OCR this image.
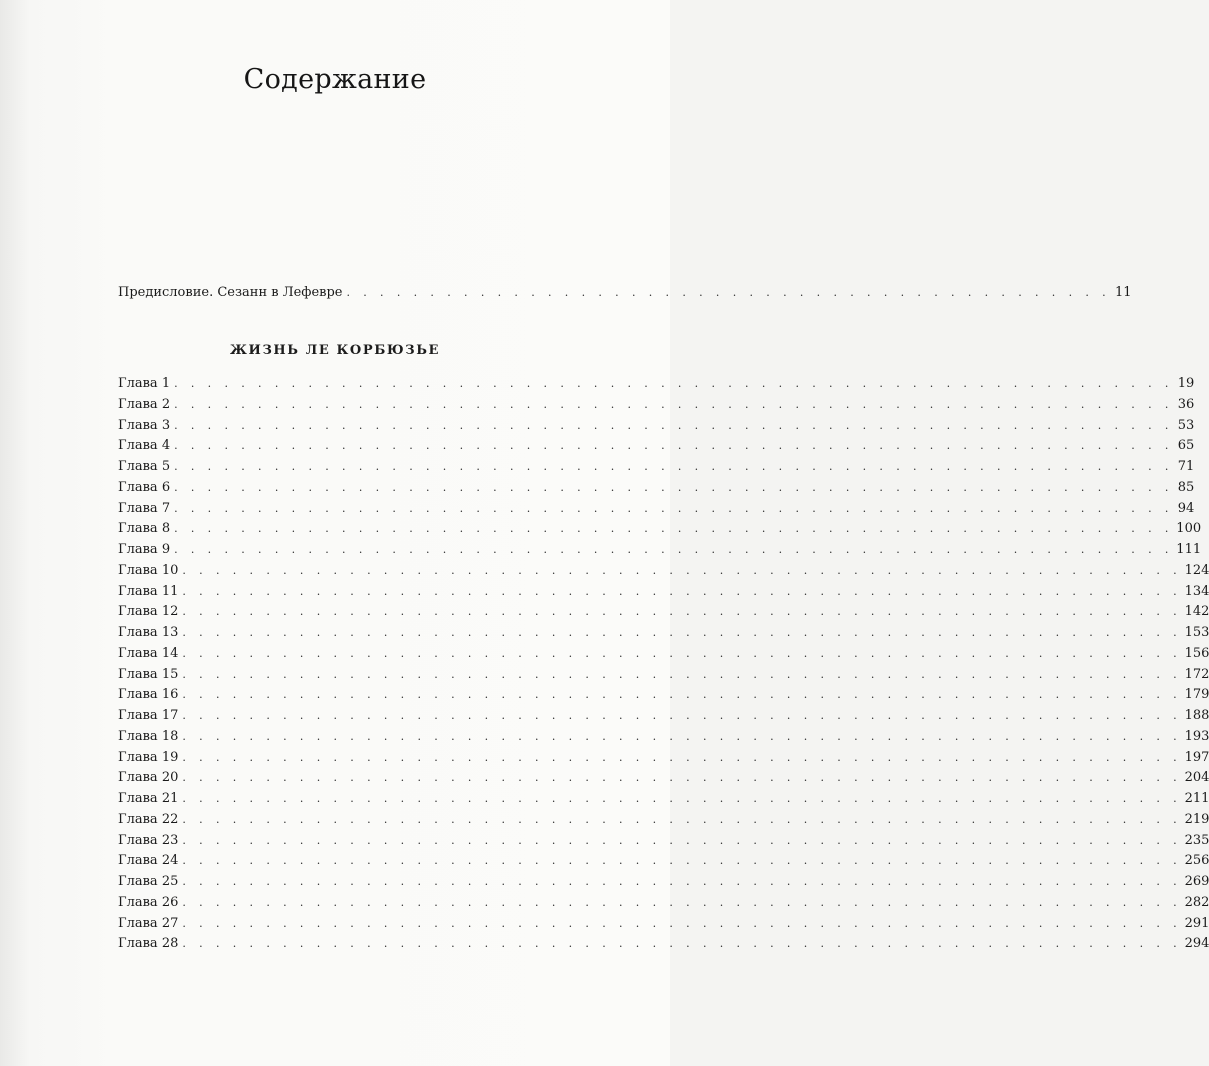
Содержание
Предисловие. Сезанн в Лефевре . . . . . . . . . . . . . . . . . . . . . . . . . . . . . . . . . . . . . . . . . . . . . . 11
ЖИЗНЬ ЛЕ КОРБЮЗЬЕ
Глава 1 . . . . . . . . . . . . . . . . . . . . . . . . . . . . . . . . . . . . . . . . . . . . . . . . . . . . . . . . . . . . 19
Глава 2 . . . . . . . . . . . . . . . . . . . . . . . . . . . . . . . . . . . . . . . . . . . . . . . . . . . . . . . . . . . . 36
Глава 3 . . . . . . . . . . . . . . . . . . . . . . . . . . . . . . . . . . . . . . . . . . . . . . . . . . . . . . . . . . . . 53
Глава 4 . . . . . . . . . . . . . . . . . . . . . . . . . . . . . . . . . . . . . . . . . . . . . . . . . . . . . . . . . . . . 65
Глава 5 . . . . . . . . . . . . . . . . . . . . . . . . . . . . . . . . . . . . . . . . . . . . . . . . . . . . . . . . . . . . 71
Глава 6 . . . . . . . . . . . . . . . . . . . . . . . . . . . . . . . . . . . . . . . . . . . . . . . . . . . . . . . . . . . . 85
Глава 7 . . . . . . . . . . . . . . . . . . . . . . . . . . . . . . . . . . . . . . . . . . . . . . . . . . . . . . . . . . . . 94
Глава 8 . . . . . . . . . . . . . . . . . . . . . . . . . . . . . . . . . . . . . . . . . . . . . . . . . . . . . . . . . . . . 100
Глава 9 . . . . . . . . . . . . . . . . . . . . . . . . . . . . . . . . . . . . . . . . . . . . . . . . . . . . . . . . . . . . 111
Глава 10 . . . . . . . . . . . . . . . . . . . . . . . . . . . . . . . . . . . . . . . . . . . . . . . . . . . . . . . . . . . . 124
Глава 11 . . . . . . . . . . . . . . . . . . . . . . . . . . . . . . . . . . . . . . . . . . . . . . . . . . . . . . . . . . . . 134
Глава 12 . . . . . . . . . . . . . . . . . . . . . . . . . . . . . . . . . . . . . . . . . . . . . . . . . . . . . . . . . . . . 142
Глава 13 . . . . . . . . . . . . . . . . . . . . . . . . . . . . . . . . . . . . . . . . . . . . . . . . . . . . . . . . . . . . 153
Глава 14 . . . . . . . . . . . . . . . . . . . . . . . . . . . . . . . . . . . . . . . . . . . . . . . . . . . . . . . . . . . . 156
Глава 15 . . . . . . . . . . . . . . . . . . . . . . . . . . . . . . . . . . . . . . . . . . . . . . . . . . . . . . . . . . . . 172
Глава 16 . . . . . . . . . . . . . . . . . . . . . . . . . . . . . . . . . . . . . . . . . . . . . . . . . . . . . . . . . . . . 179
Глава 17 . . . . . . . . . . . . . . . . . . . . . . . . . . . . . . . . . . . . . . . . . . . . . . . . . . . . . . . . . . . . 188
Глава 18 . . . . . . . . . . . . . . . . . . . . . . . . . . . . . . . . . . . . . . . . . . . . . . . . . . . . . . . . . . . . 193
Глава 19 . . . . . . . . . . . . . . . . . . . . . . . . . . . . . . . . . . . . . . . . . . . . . . . . . . . . . . . . . . . . 197
Глава 20 . . . . . . . . . . . . . . . . . . . . . . . . . . . . . . . . . . . . . . . . . . . . . . . . . . . . . . . . . . . . 204
Глава 21 . . . . . . . . . . . . . . . . . . . . . . . . . . . . . . . . . . . . . . . . . . . . . . . . . . . . . . . . . . . . 211
Глава 22 . . . . . . . . . . . . . . . . . . . . . . . . . . . . . . . . . . . . . . . . . . . . . . . . . . . . . . . . . . . . 219
Глава 23 . . . . . . . . . . . . . . . . . . . . . . . . . . . . . . . . . . . . . . . . . . . . . . . . . . . . . . . . . . . . 235
Глава 24 . . . . . . . . . . . . . . . . . . . . . . . . . . . . . . . . . . . . . . . . . . . . . . . . . . . . . . . . . . . . 256
Глава 25 . . . . . . . . . . . . . . . . . . . . . . . . . . . . . . . . . . . . . . . . . . . . . . . . . . . . . . . . . . . . 269
Глава 26 . . . . . . . . . . . . . . . . . . . . . . . . . . . . . . . . . . . . . . . . . . . . . . . . . . . . . . . . . . . . 282
Глава 27 . . . . . . . . . . . . . . . . . . . . . . . . . . . . . . . . . . . . . . . . . . . . . . . . . . . . . . . . . . . . 291
Глава 28 . . . . . . . . . . . . . . . . . . . . . . . . . . . . . . . . . . . . . . . . . . . . . . . . . . . . . . . . . . . . 294
